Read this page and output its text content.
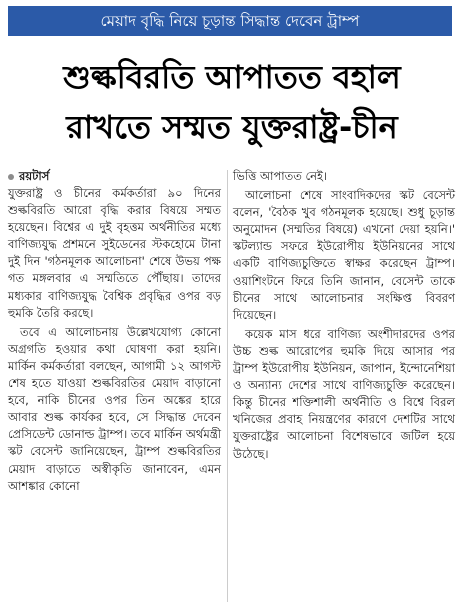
মেয়াদ বৃদ্ধি নিয়ে চূড়ান্ত সিদ্ধান্ত দেবেন ট্রাম্প
শুল্কবিরতি আপাতত বহাল
রাখতে সম্মত যুক্তরাষ্ট্র-চীন
রয়টার্স

যুক্তরাষ্ট্র ও চীনের কর্মকর্তারা ৯০ দিনের শুল্কবিরতি আরো বৃদ্ধি করার বিষয়ে সম্মত হয়েছেন। বিশ্বের এ দুই বৃহত্তম অর্থনীতির মধ্যে বাণিজ্যযুদ্ধ প্রশমনে সুইডেনের স্টকহোমে টানা দুই দিন 'গঠনমূলক আলোচনা' শেষে উভয় পক্ষ গত মঙ্গলবার এ সম্মতিতে পৌঁছায়। তাদের মধ্যকার বাণিজ্যযুদ্ধ বৈশ্বিক প্রবৃদ্ধির ওপর বড় হুমকি তৈরি করছে।

তবে এ আলোচনায় উল্লেখযোগ্য কোনো অগ্রগতি হওয়ার কথা ঘোষণা করা হয়নি। মার্কিন কর্মকর্তারা বলছেন, আগামী ১২ আগস্ট শেষ হতে যাওয়া শুল্কবিরতির মেয়াদ বাড়ানো হবে, নাকি চীনের ওপর তিন অঙ্কের হারে আবার শুল্ক কার্যকর হবে, সে সিদ্ধান্ত দেবেন প্রেসিডেন্ট ডোনাল্ড ট্রাম্প। তবে মার্কিন অর্থমন্ত্রী স্কট বেসেন্ট জানিয়েছেন, ট্রাম্প শুল্কবিরতির মেয়াদ বাড়াতে অস্বীকৃতি জানাবেন, এমন আশঙ্কার কোনো

ভিত্তি আপাতত নেই।

আলোচনা শেষে সাংবাদিকদের স্কট বেসেন্ট বলেন, 'বৈঠক খুব গঠনমূলক হয়েছে। শুধু চূড়ান্ত অনুমোদন (সম্মতির বিষয়ে) এখনো দেয়া হয়নি।' স্কটল্যান্ড সফরে ইউরোপীয় ইউনিয়নের সাথে একটি বাণিজ্যচুক্তিতে স্বাক্ষর করেছেন ট্রাম্প। ওয়াশিংটনে ফিরে তিনি জানান, বেসেন্ট তাকে চীনের সাথে আলোচনার সংক্ষিপ্ত বিবরণ দিয়েছেন।

কয়েক মাস ধরে বাণিজ্য অংশীদারদের ওপর উচ্চ শুল্ক আরোপের হুমকি দিয়ে আসার পর ট্রাম্প ইউরোপীয় ইউনিয়ন, জাপান, ইন্দোনেশিয়া ও অন্যান্য দেশের সাথে বাণিজ্যচুক্তি করেছেন। কিন্তু চীনের শক্তিশালী অর্থনীতি ও বিশ্বে বিরল খনিজের প্রবাহ নিয়ন্ত্রণের কারণে দেশটির সাথে যুক্তরাষ্ট্রের আলোচনা বিশেষভাবে জটিল হয়ে উঠেছে।
